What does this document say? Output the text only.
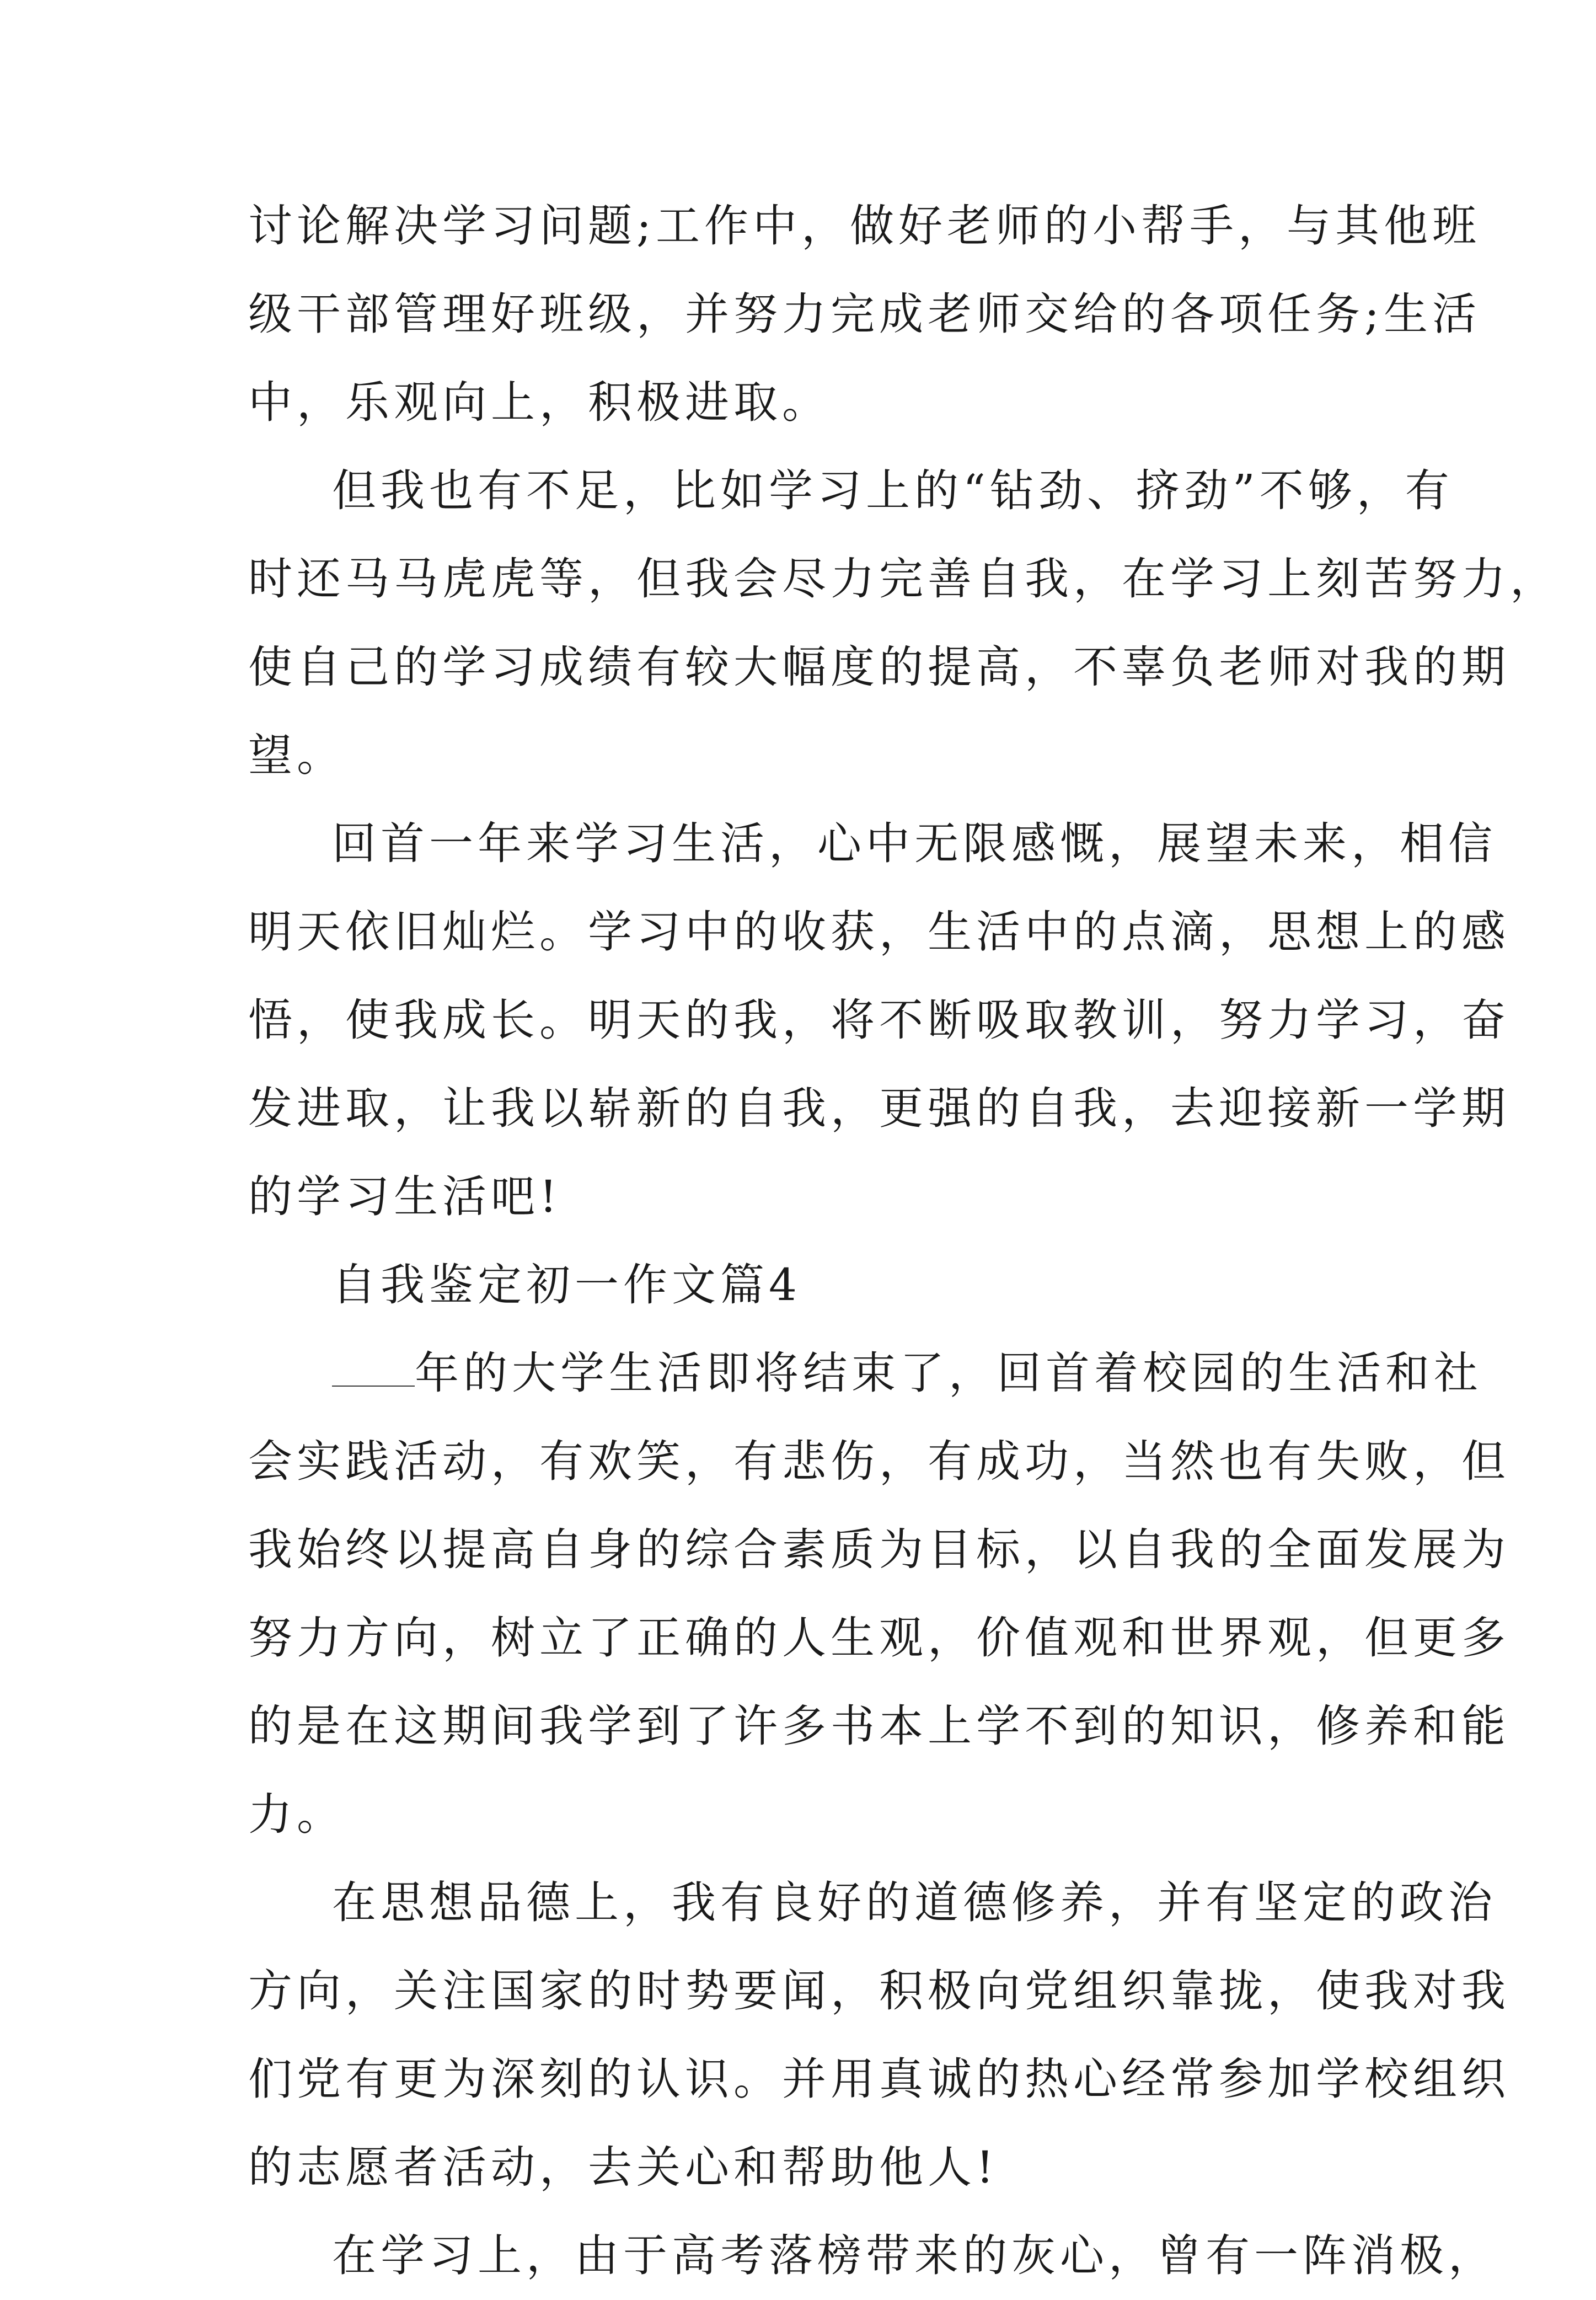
讨论解决学习问题;工作中，做好老师的小帮手，与其他班
级干部管理好班级，并努力完成老师交给的各项任务;生活
中，乐观向上，积极进取。
但我也有不足，比如学习上的“钻劲、挤劲”不够，有
时还马马虎虎等，但我会尽力完善自我，在学习上刻苦努力，
使自己的学习成绩有较大幅度的提高，不辜负老师对我的期
望。
回首一年来学习生活，心中无限感慨，展望未来，相信
明天依旧灿烂。学习中的收获，生活中的点滴，思想上的感
悟，使我成长。明天的我，将不断吸取教训，努力学习，奋
发进取，让我以崭新的自我，更强的自我，去迎接新一学期
的学习生活吧!
自我鉴定初一作文篇4
年的大学生活即将结束了，回首着校园的生活和社
会实践活动，有欢笑，有悲伤，有成功，当然也有失败，但
我始终以提高自身的综合素质为目标，以自我的全面发展为
努力方向，树立了正确的人生观，价值观和世界观，但更多
的是在这期间我学到了许多书本上学不到的知识，修养和能
力。
在思想品德上，我有良好的道德修养，并有坚定的政治
方向，关注国家的时势要闻，积极向党组织靠拢，使我对我
们党有更为深刻的认识。并用真诚的热心经常参加学校组织
的志愿者活动，去关心和帮助他人!
在学习上，由于高考落榜带来的灰心，曾有一阵消极，
